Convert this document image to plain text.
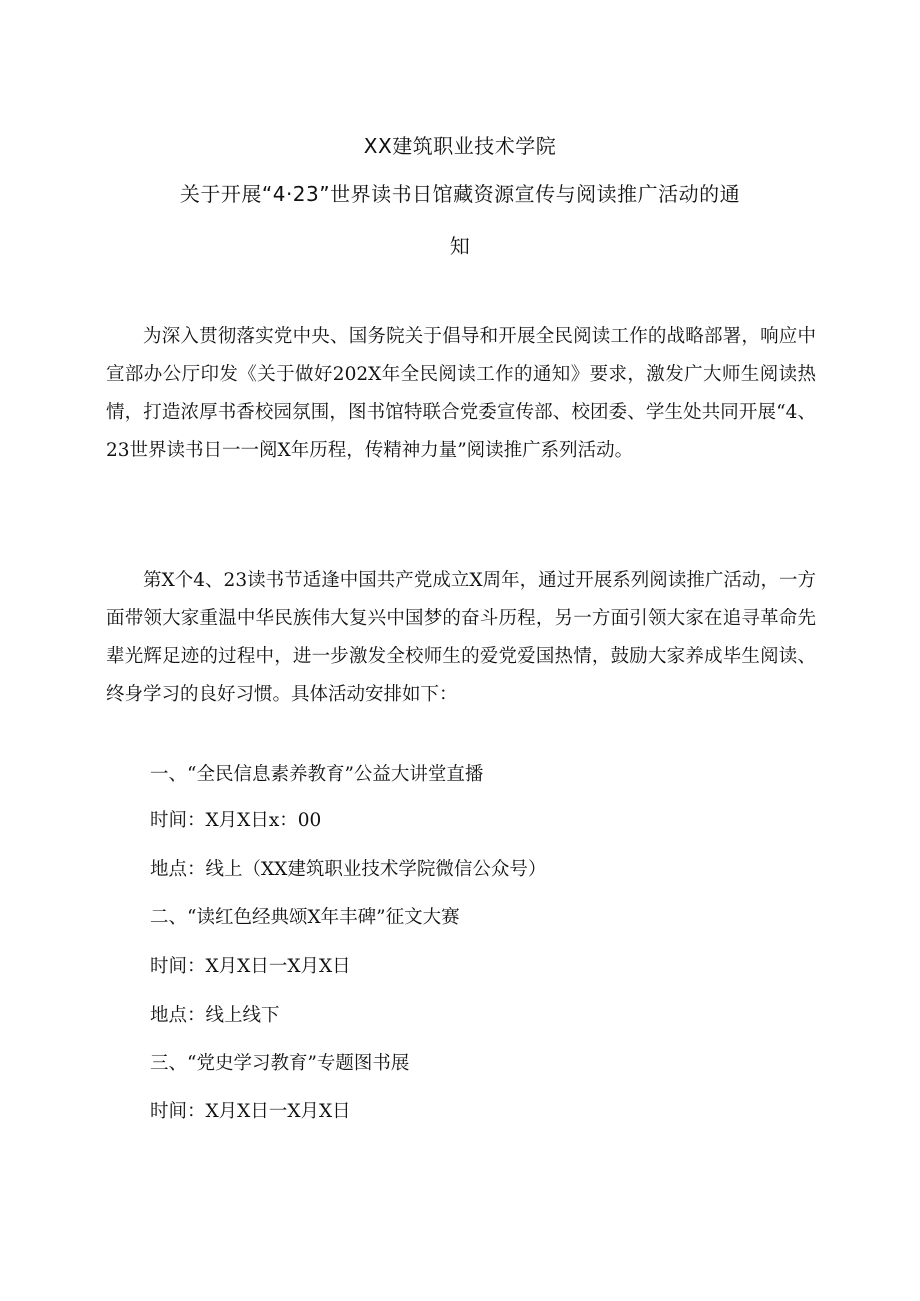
XX建筑职业技术学院
关于开展“4·23”世界读书日馆藏资源宣传与阅读推广活动的通
知

为深入贯彻落实党中央、国务院关于倡导和开展全民阅读工作的战略部署，响应中宣部办公厅印发《关于做好202X年全民阅读工作的通知》要求，激发广大师生阅读热情，打造浓厚书香校园氛围，图书馆特联合党委宣传部、校团委、学生处共同开展“4、23世界读书日一一阅X年历程，传精神力量”阅读推广系列活动。

第X个4、23读书节适逢中国共产党成立X周年，通过开展系列阅读推广活动，一方面带领大家重温中华民族伟大复兴中国梦的奋斗历程，另一方面引领大家在追寻革命先辈光辉足迹的过程中，进一步激发全校师生的爱党爱国热情，鼓励大家养成毕生阅读、终身学习的良好习惯。具体活动安排如下：

一、“全民信息素养教育”公益大讲堂直播

时间：X月X日x：00

地点：线上（XX建筑职业技术学院微信公众号）

二、“读红色经典颂X年丰碑”征文大赛

时间：X月X日一X月X日

地点：线上线下

三、“党史学习教育”专题图书展

时间：X月X日一X月X日
